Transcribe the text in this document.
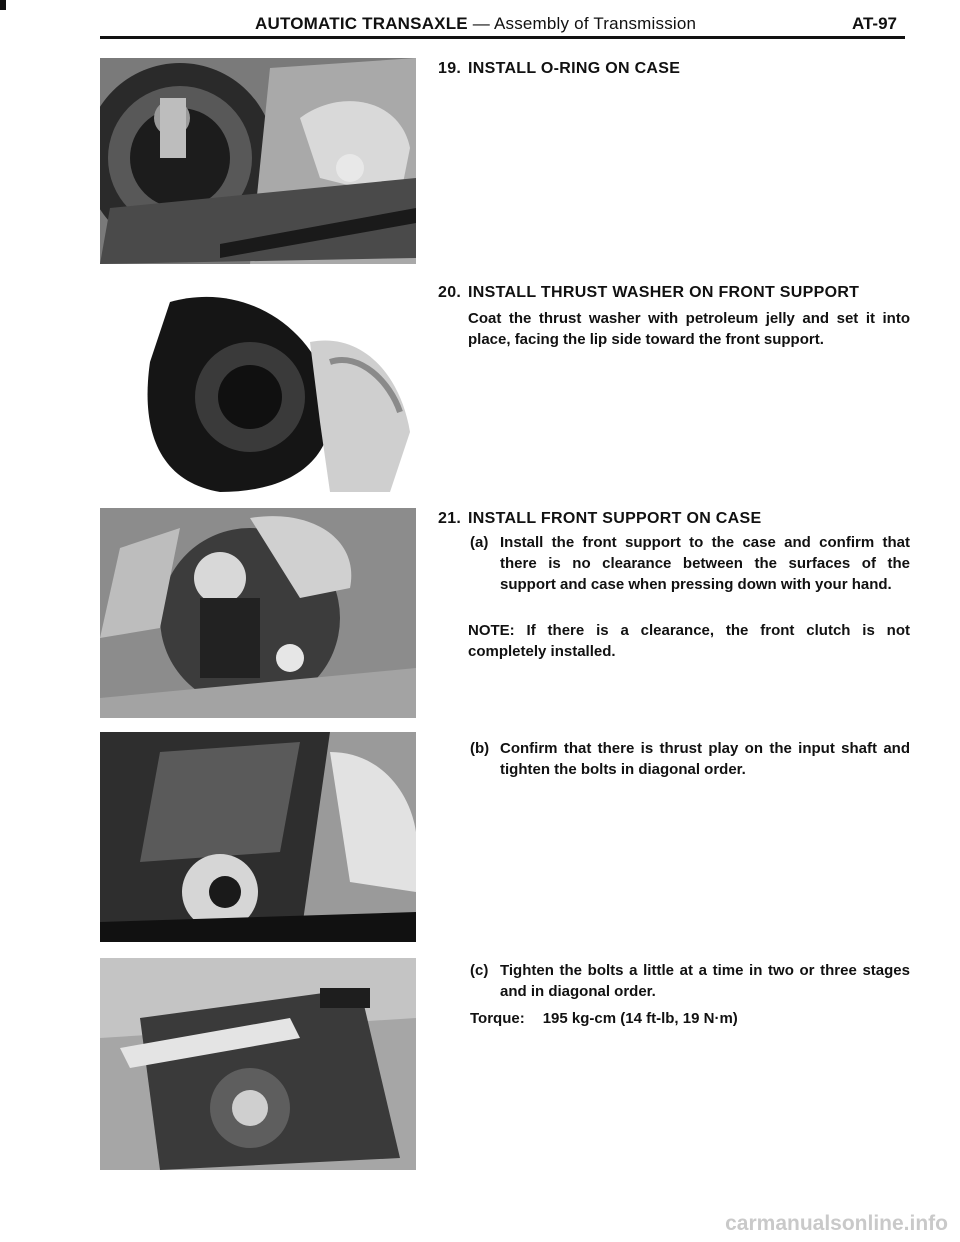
AUTOMATIC TRANSAXLE — Assembly of Transmission	AT-97
19. INSTALL O-RING ON CASE
20. INSTALL THRUST WASHER ON FRONT SUPPORT
Coat the thrust washer with petroleum jelly and set it into place, facing the lip side toward the front support.
21. INSTALL FRONT SUPPORT ON CASE
(a) Install the front support to the case and confirm that there is no clearance between the surfaces of the support and case when pressing down with your hand.
NOTE: If there is a clearance, the front clutch is not completely installed.
(b) Confirm that there is thrust play on the input shaft and tighten the bolts in diagonal order.
(c) Tighten the bolts a little at a time in two or three stages and in diagonal order.
Torque: 195 kg-cm (14 ft-lb, 19 N·m)
carmanualsonline.info
